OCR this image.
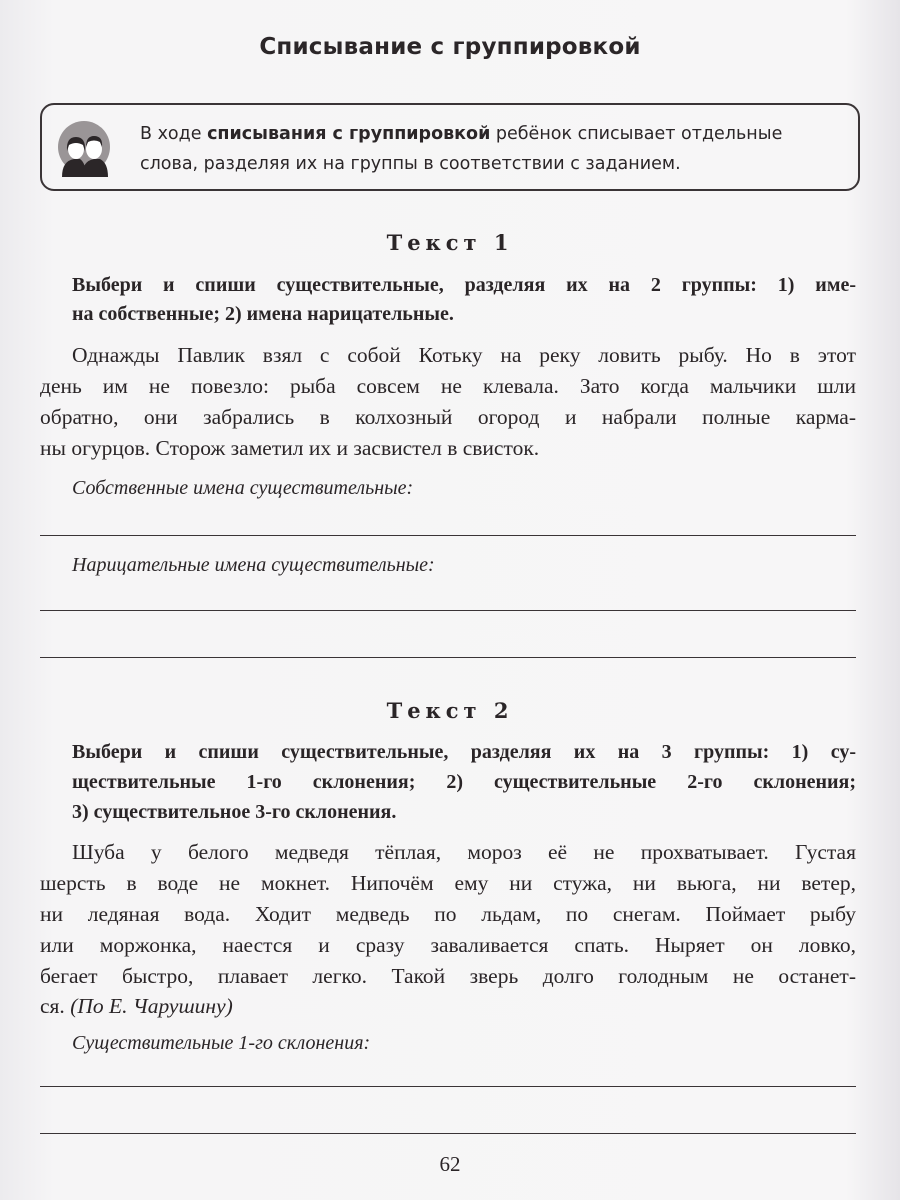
Списывание с группировкой
В ходе списывания с группировкой ребёнок списывает отдельные
слова, разделяя их на группы в соответствии с заданием.
Текст 1
Выбери и спиши существительные, разделяя их на 2 группы: 1) име-
на собственные; 2) имена нарицательные.
Однажды Павлик взял с собой Котьку на реку ловить рыбу. Но в этот
день им не повезло: рыба совсем не клевала. Зато когда мальчики шли
обратно, они забрались в колхозный огород и набрали полные карма-
ны огурцов. Сторож заметил их и засвистел в свисток.
Собственные имена существительные:
Нарицательные имена существительные:
Текст 2
Выбери и спиши существительные, разделяя их на 3 группы: 1) су-
ществительные 1-го склонения; 2) существительные 2-го склонения;
3) существительное 3-го склонения.
Шуба у белого медведя тёплая, мороз её не прохватывает. Густая
шерсть в воде не мокнет. Нипочём ему ни стужа, ни вьюга, ни ветер,
ни ледяная вода. Ходит медведь по льдам, по снегам. Поймает рыбу
или моржонка, наестся и сразу заваливается спать. Ныряет он ловко,
бегает быстро, плавает легко. Такой зверь долго голодным не останет-
ся. (По Е. Чарушину)
Существительные 1-го склонения:
62
